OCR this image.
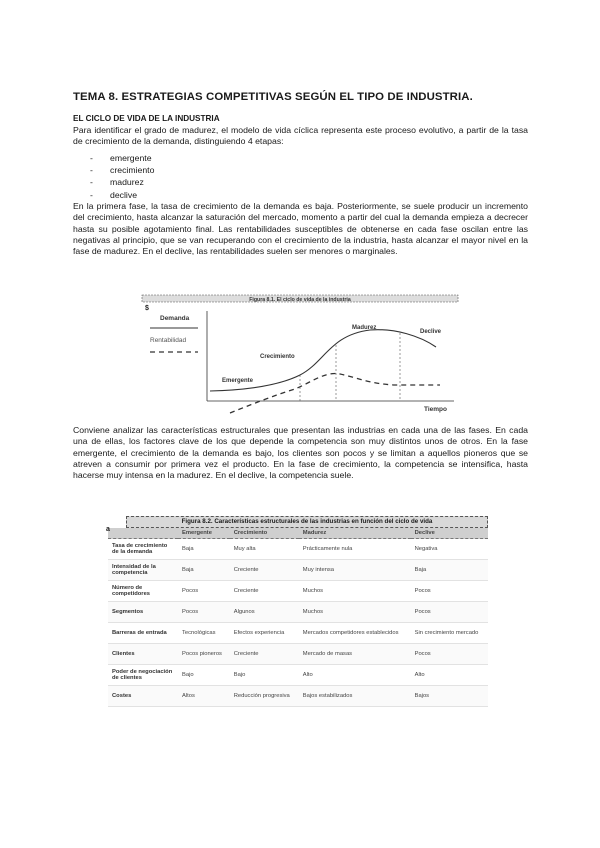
TEMA 8. ESTRATEGIAS COMPETITIVAS SEGÚN EL TIPO DE INDUSTRIA.
EL CICLO DE VIDA DE LA INDUSTRIA

Para identificar el grado de madurez, el modelo de vida cíclica representa este proceso evolutivo, a partir de la tasa de crecimiento de la demanda, distinguiendo 4 etapas:

- emergente
- crecimiento
- madurez
- declive

En la primera fase, la tasa de crecimiento de la demanda es baja. Posteriormente, se suele producir un incremento del crecimiento, hasta alcanzar la saturación del mercado, momento a partir del cual la demanda empieza a decrecer hasta su posible agotamiento final. Las rentabilidades susceptibles de obtenerse en cada fase oscilan entre las negativas al principio, que se van recuperando con el crecimiento de la industria, hasta alcanzar el mayor nivel en la fase de madurez. En el declive, las rentabilidades suelen ser menores o marginales.

Figura 8.1. El ciclo de vida de la industria
$
Demanda
Rentabilidad
Emergente
Crecimiento
Madurez
Declive
Tiempo

Conviene analizar las características estructurales que presentan las industrias en cada una de las fases. En cada una de ellas, los factores clave de los que depende la competencia son muy distintos unos de otros. En la fase emergente, el crecimiento de la demanda es bajo, los clientes son pocos y se limitan a aquellos pioneros que se atreven a consumir por primera vez el producto. En la fase de crecimiento, la competencia se intensifica, hasta hacerse muy intensa en la madurez. En el declive, la competencia suele.

Figura 8.2. Características estructurales de las industrias en función del ciclo de vida
a
		Emergente	Crecimiento	Madurez	Declive
Tasa de crecimiento de la demanda	Baja	Muy alta	Prácticamente nula	Negativa
Intensidad de la competencia	Baja	Creciente	Muy intensa	Baja
Número de competidores	Pocos	Creciente	Muchos	Pocos
Segmentos	Pocos	Algunos	Muchos	Pocos
Barreras de entrada	Tecnológicas	Efectos experiencia	Mercados competidores establecidos	Sin crecimiento mercado
Clientes	Pocos pioneros	Creciente	Mercado de masas	Pocos
Poder de negociación de clientes	Bajo	Bajo	Alto	Alto
Costes	Altos	Reducción progresiva	Bajos estabilizados	Bajos
